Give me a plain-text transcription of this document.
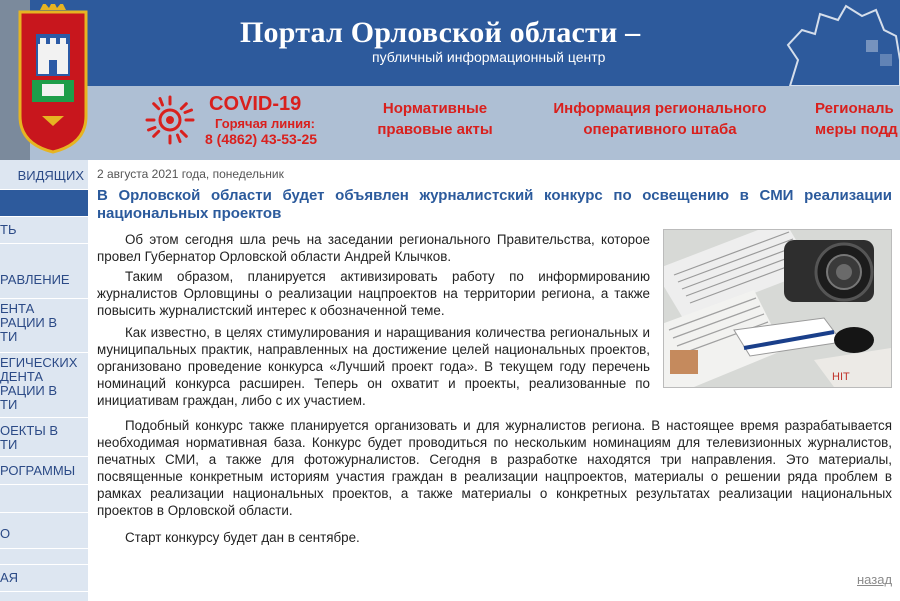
Портал Орловской области –
публичный информационный центр
COVID-19
Горячая линия:
8 (4862) 43-53-25
Нормативные
правовые акты
Информация регионального
оперативного штаба
Региональ
меры подд
ВИДЯЩИХ
ТЬ
РАВЛЕНИЕ
ЕНТА
РАЦИИ В
ТИ
ЕГИЧЕСКИХ
ДЕНТА
РАЦИИ В
ТИ
ОЕКТЫ В
ТИ
РОГРАММЫ
О
АЯ
2 августа 2021 года, понедельник
В Орловской области будет объявлен журналистский конкурс по освещению в СМИ реализации национальных проектов
HIT

Об этом сегодня шла речь на заседании регионального Правительства, которое провел Губернатор Орловской области Андрей Клычков.

Таким образом, планируется активизировать работу по информированию журналистов Орловщины о реализации нацпроектов на территории региона, а также повысить журналистский интерес к обозначенной теме.

Как известно, в целях стимулирования и наращивания количества региональных и муниципальных практик, направленных на достижение целей национальных проектов, организовано проведение конкурса «Лучший проект года». В текущем году перечень номинаций конкурса расширен. Теперь он охватит и проекты, реализованные по инициативам граждан, либо с их участием.

Подобный конкурс также планируется организовать и для журналистов региона. В настоящее время разрабатывается необходимая нормативная база. Конкурс будет проводиться по нескольким номинациям для телевизионных журналистов, печатных СМИ, а также для фотожурналистов. Сегодня в разработке находятся три направления. Это материалы, посвященные конкретным историям участия граждан в реализации нацпроектов, материалы о решении ряда проблем в рамках реализации национальных проектов, а также материалы о конкретных результатах реализации национальных проектов в Орловской области.

Старт конкурсу будет дан в сентябре.

назад
